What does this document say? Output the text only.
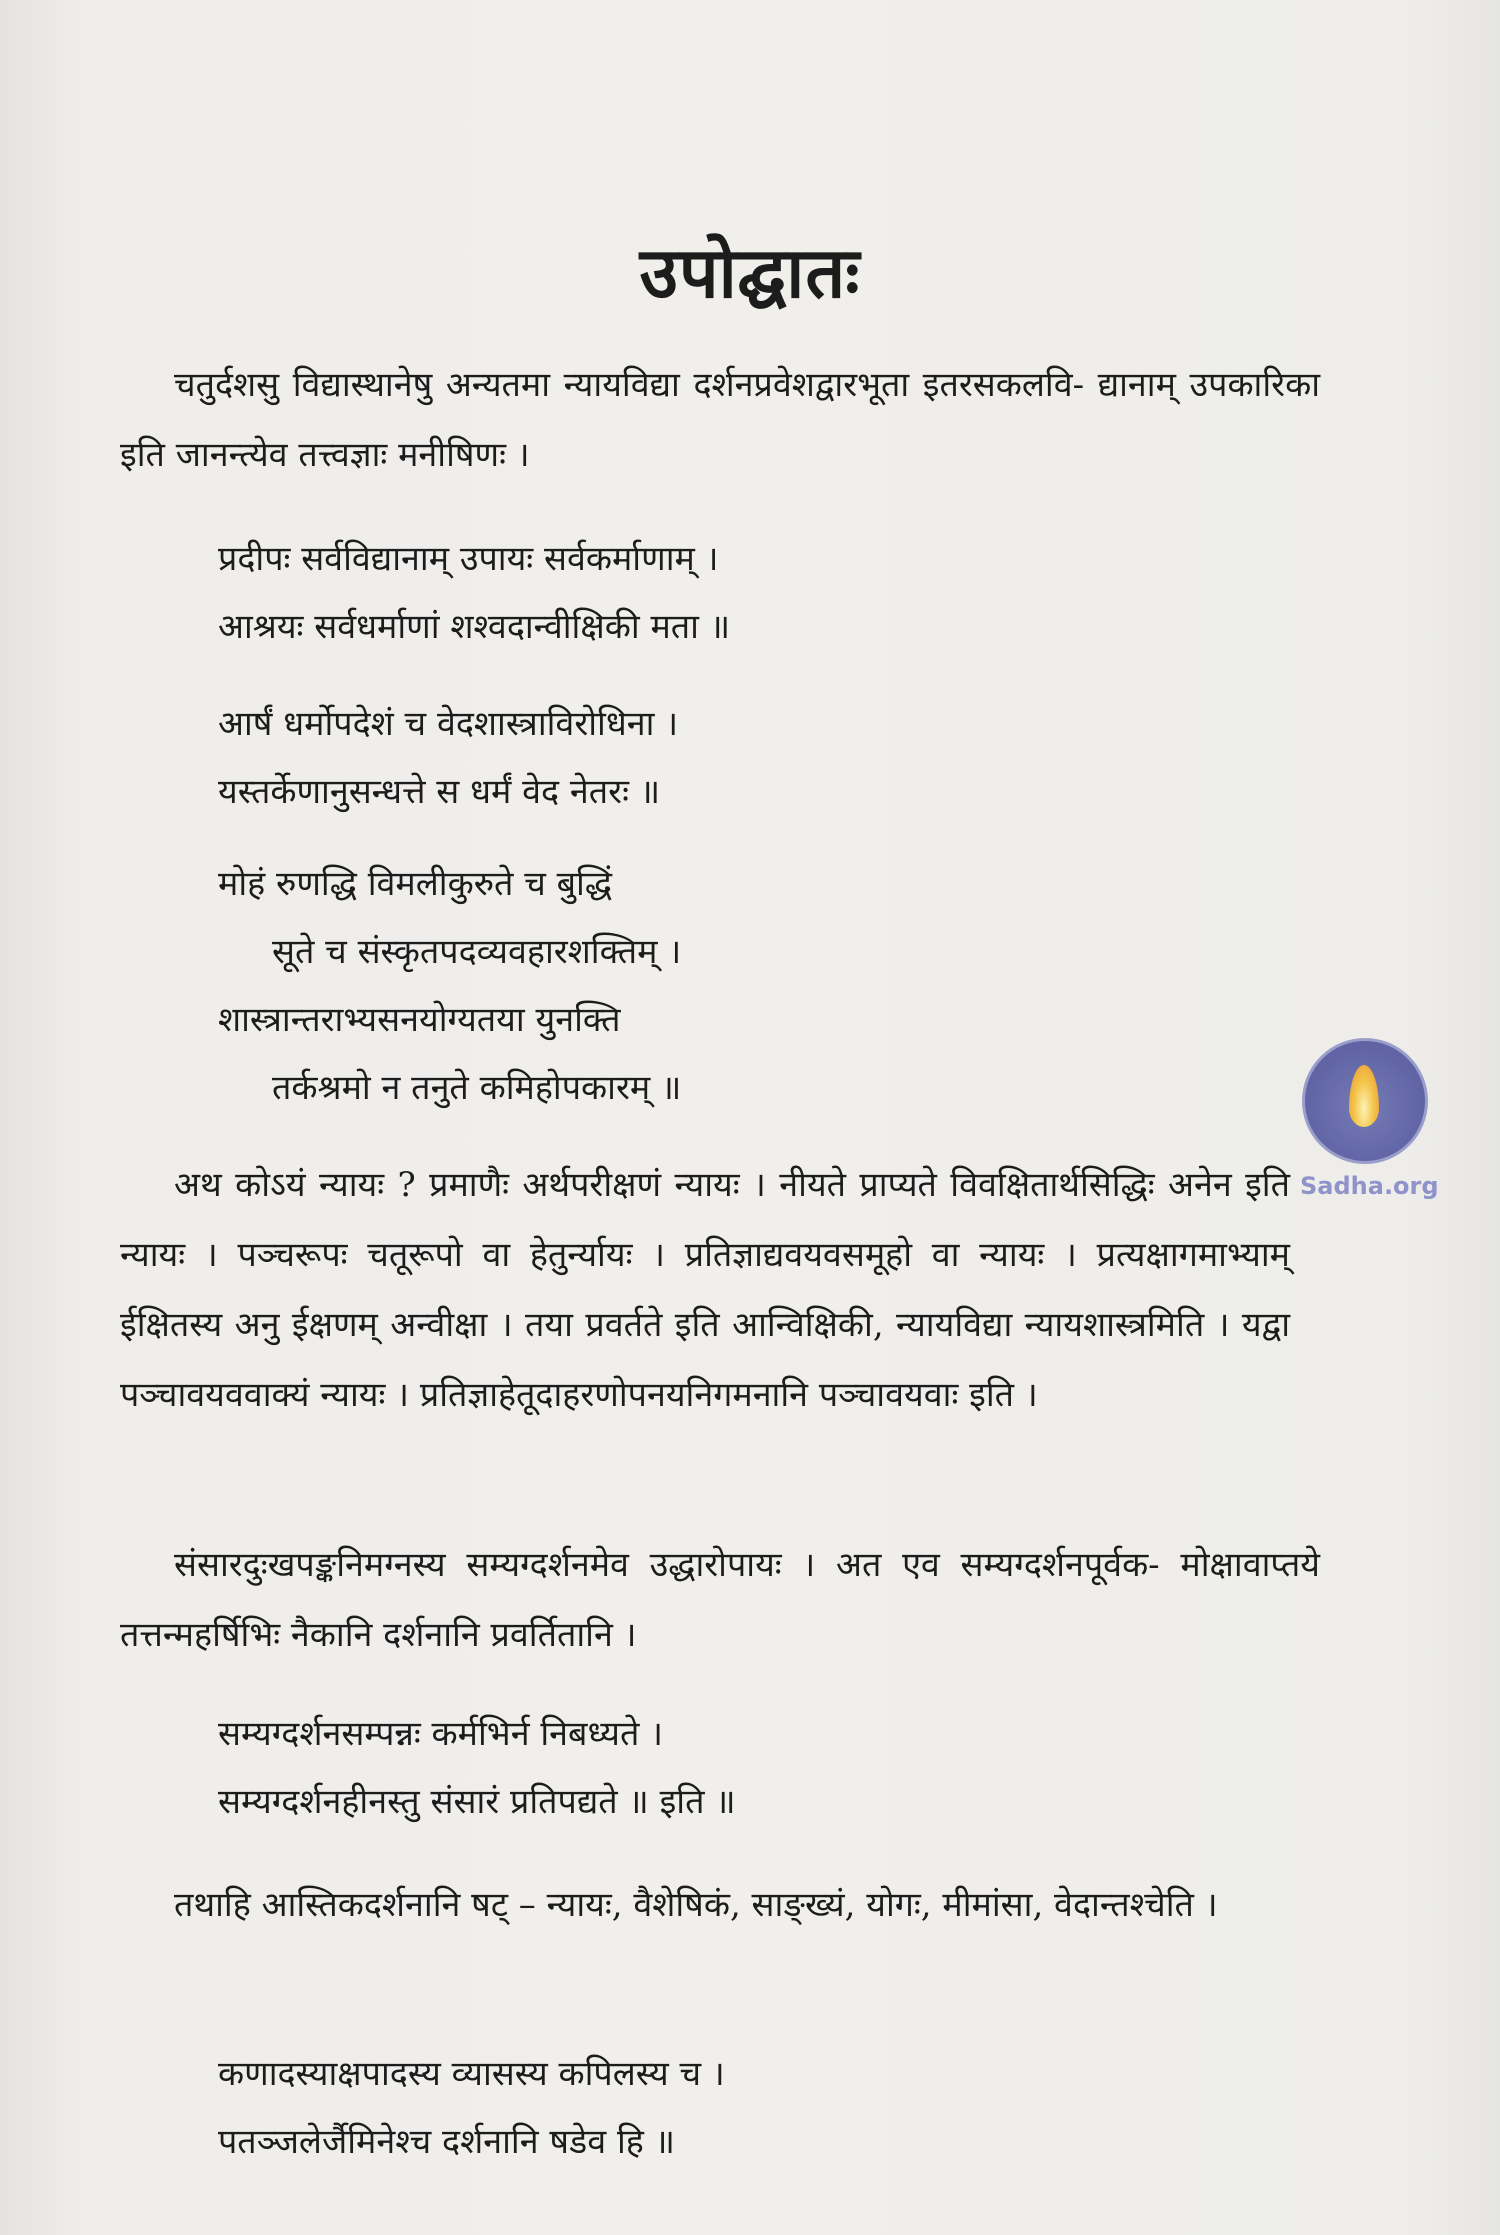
उपोद्घातः
चतुर्दशसु विद्यास्थानेषु अन्यतमा न्यायविद्या दर्शनप्रवेशद्वारभूता इतरसकलवि- द्यानाम् उपकारिका इति जानन्त्येव तत्त्वज्ञाः मनीषिणः ।
प्रदीपः सर्वविद्यानाम् उपायः सर्वकर्माणाम् ।
आश्रयः सर्वधर्माणां शश्वदान्वीक्षिकी मता ॥
आर्षं धर्मोपदेशं च वेदशास्त्राविरोधिना ।
यस्तर्केणानुसन्धत्ते स धर्मं वेद नेतरः ॥
मोहं रुणद्धि विमलीकुरुते च बुद्धिं
सूते च संस्कृतपदव्यवहारशक्तिम् ।
शास्त्रान्तराभ्यसनयोग्यतया युनक्ति
तर्कश्रमो न तनुते कमिहोपकारम् ॥
अथ कोऽयं न्यायः ? प्रमाणैः अर्थपरीक्षणं न्यायः । नीयते प्राप्यते विवक्षितार्थसिद्धिः अनेन इति न्यायः । पञ्चरूपः चतूरूपो वा हेतुर्न्यायः । प्रतिज्ञाद्यवयवसमूहो वा न्यायः । प्रत्यक्षागमाभ्याम् ईक्षितस्य अनु ईक्षणम् अन्वीक्षा । तया प्रवर्तते इति आन्विक्षिकी, न्यायविद्या न्यायशास्त्रमिति । यद्वा पञ्चावयववाक्यं न्यायः । प्रतिज्ञाहेतूदाहरणोपनयनिगमनानि पञ्चावयवाः इति ।
संसारदुःखपङ्कनिमग्नस्य सम्यग्दर्शनमेव उद्धारोपायः । अत एव सम्यग्दर्शनपूर्वक- मोक्षावाप्तये तत्तन्महर्षिभिः नैकानि दर्शनानि प्रवर्तितानि ।
सम्यग्दर्शनसम्पन्नः कर्मभिर्न निबध्यते ।
सम्यग्दर्शनहीनस्तु संसारं प्रतिपद्यते ॥ इति ॥
तथाहि आस्तिकदर्शनानि षट् – न्यायः, वैशेषिकं, साङ्ख्यं, योगः, मीमांसा, वेदान्तश्चेति ।
कणादस्याक्षपादस्य व्यासस्य कपिलस्य च ।
पतञ्जलेर्जैमिनेश्च दर्शनानि षडेव हि ॥
Sadha.org
